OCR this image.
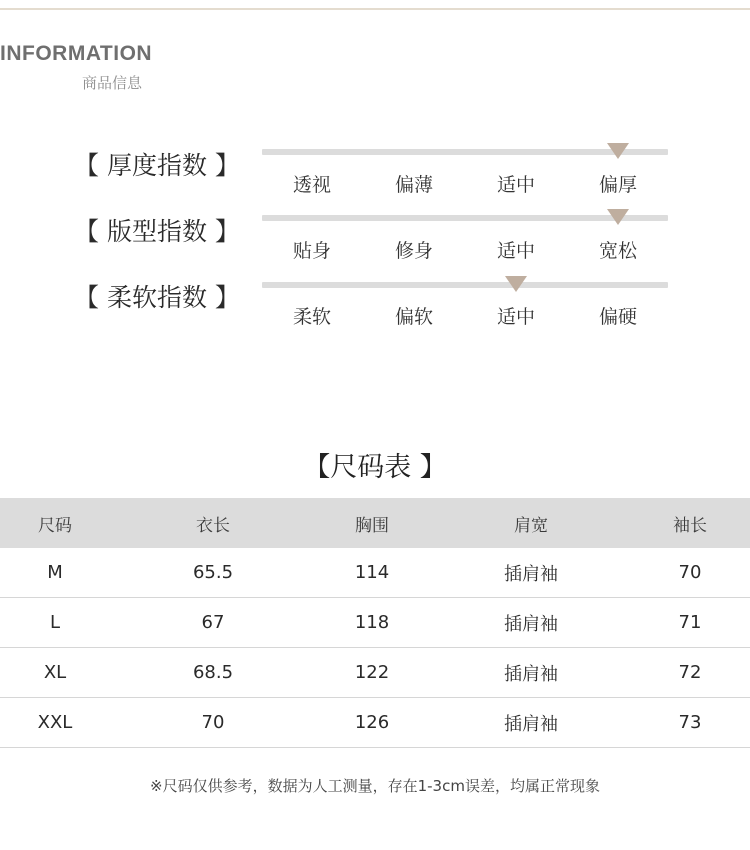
INFORMATION
商品信息
【 厚度指数 】
透视	偏薄	适中	偏厚
【 版型指数 】
贴身	修身	适中	宽松
【 柔软指数 】
柔软	偏软	适中	偏硬
【尺码表 】
尺码	衣长	胸围	肩宽	袖长
M	65.5	114	插肩袖	70
L	67	118	插肩袖	71
XL	68.5	122	插肩袖	72
XXL	70	126	插肩袖	73
※尺码仅供参考，数据为人工测量，存在1-3cm误差，均属正常现象
